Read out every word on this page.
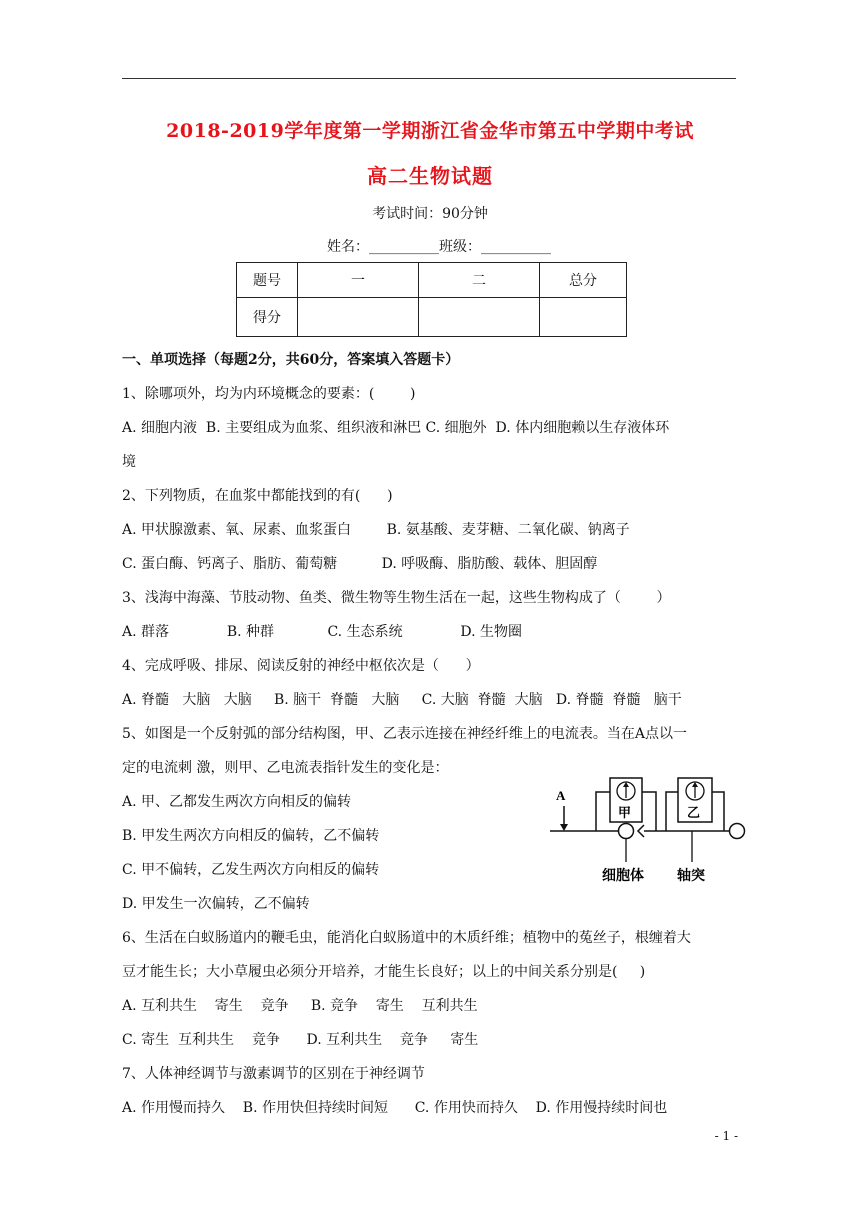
2018-2019学年度第一学期浙江省金华市第五中学期中考试
高二生物试题
考试时间：90分钟
姓名：__________班级：__________
题号	一	二	总分
得分			

一、单项选择（每题2分，共60分，答案填入答题卡）

1、除哪项外，均为内环境概念的要素：(        )

A. 细胞内液  B. 主要组成为血浆、组织液和淋巴 C. 细胞外  D. 体内细胞赖以生存液体环

境

2、下列物质，在血浆中都能找到的有(      )

A. 甲状腺激素、氧、尿素、血浆蛋白        B. 氨基酸、麦芽糖、二氧化碳、钠离子

C. 蛋白酶、钙离子、脂肪、葡萄糖          D. 呼吸酶、脂肪酸、载体、胆固醇

3、浅海中海藻、节肢动物、鱼类、微生物等生物生活在一起，这些生物构成了（        ）

A. 群落             B. 种群            C. 生态系统             D. 生物圈

4、完成呼吸、排尿、阅读反射的神经中枢依次是（      ）

A. 脊髓   大脑   大脑     B. 脑干  脊髓   大脑     C. 大脑  脊髓  大脑   D. 脊髓  脊髓   脑干

5、如图是一个反射弧的部分结构图，甲、乙表示连接在神经纤维上的电流表。当在A点以一

定的电流刺 激，则甲、乙电流表指针发生的变化是：

A. 甲、乙都发生两次方向相反的偏转

B. 甲发生两次方向相反的偏转，乙不偏转

C. 甲不偏转，乙发生两次方向相反的偏转

D. 甲发生一次偏转，乙不偏转

6、生活在白蚁肠道内的鞭毛虫，能消化白蚁肠道中的木质纤维；植物中的菟丝子，根缠着大

豆才能生长；大小草履虫必须分开培养，才能生长良好；以上的中间关系分别是(     )

A. 互利共生    寄生    竞争     B. 竞争    寄生    互利共生

C. 寄生  互利共生    竞争      D. 互利共生    竞争     寄生

7、人体神经调节与激素调节的区别在于神经调节

A. 作用慢而持久    B. 作用快但持续时间短      C. 作用快而持久    D. 作用慢持续时间也

A
甲	乙
细胞体 轴突
- 1 -
